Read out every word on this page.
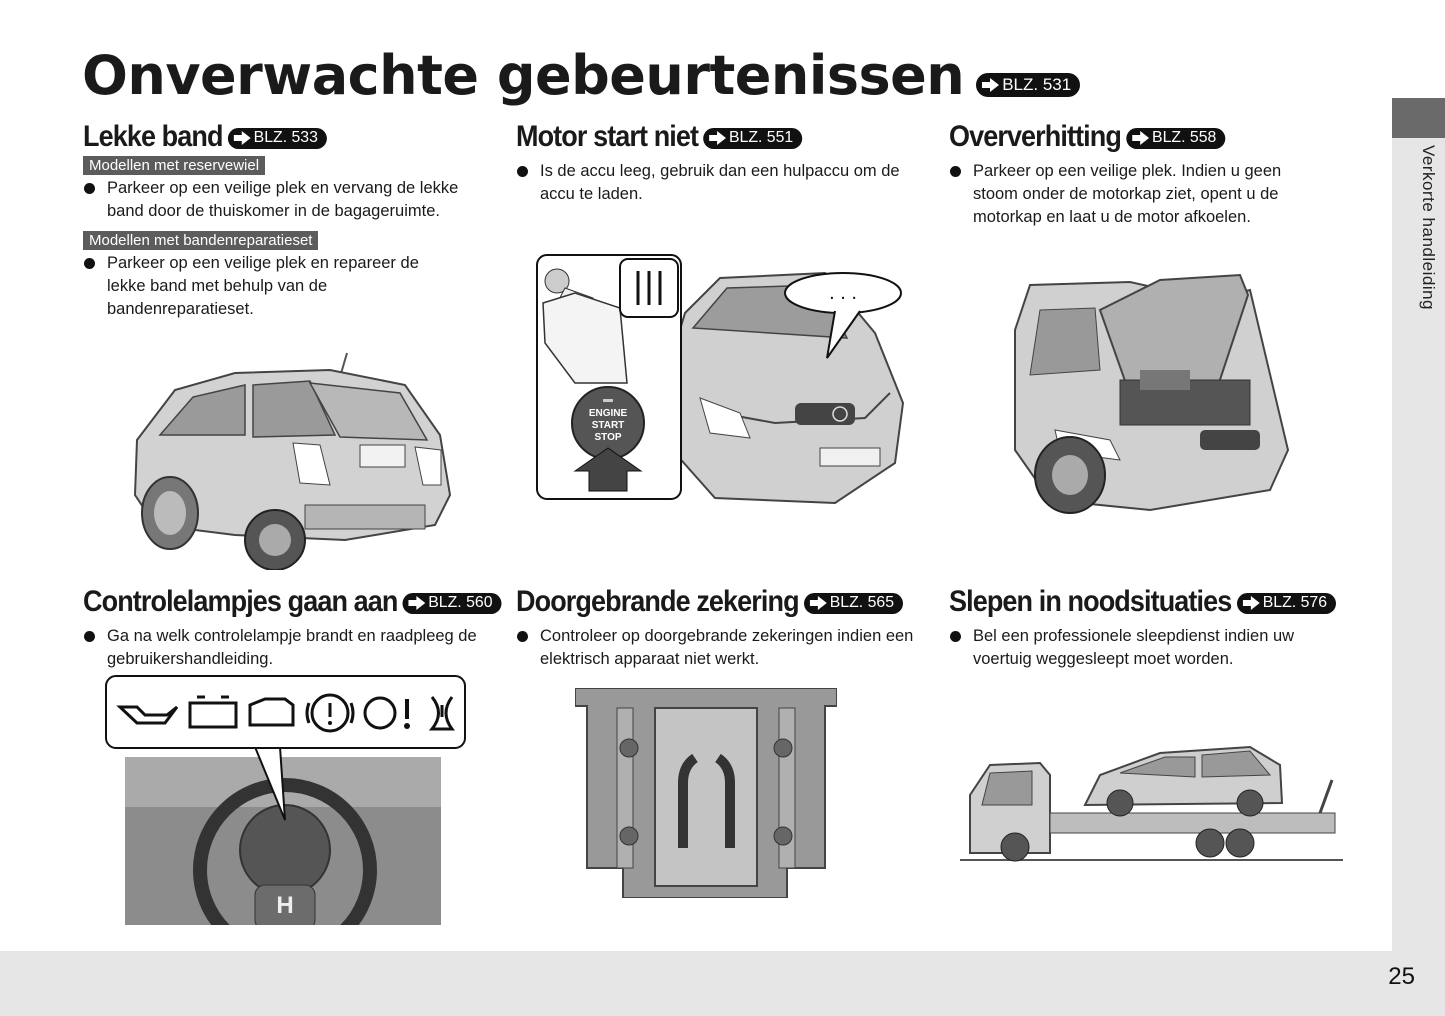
Onverwachte gebeurtenissen BLZ. 531
Lekke band BLZ. 533
Modellen met reservewiel
Parkeer op een veilige plek en vervang de lekke band door de thuiskomer in de bagageruimte.
Modellen met bandenreparatieset
Parkeer op een veilige plek en repareer de lekke band met behulp van de bandenreparatieset.
Motor start niet BLZ. 551
Is de accu leeg, gebruik dan een hulpaccu om de accu te laden.
Oververhitting BLZ. 558
Parkeer op een veilige plek. Indien u geen stoom onder de motorkap ziet, opent u de motorkap en laat u de motor afkoelen.
Controlelampjes gaan aan BLZ. 560
Ga na welk controlelampje brandt en raadpleeg de gebruikershandleiding.
Doorgebrande zekering BLZ. 565
Controleer op doorgebrande zekeringen indien een elektrisch apparaat niet werkt.
Slepen in noodsituaties BLZ. 576
Bel een professionele sleepdienst indien uw voertuig weggesleept moet worden.
. . .
ENGINE
START
STOP
H
Verkorte handleiding
25
